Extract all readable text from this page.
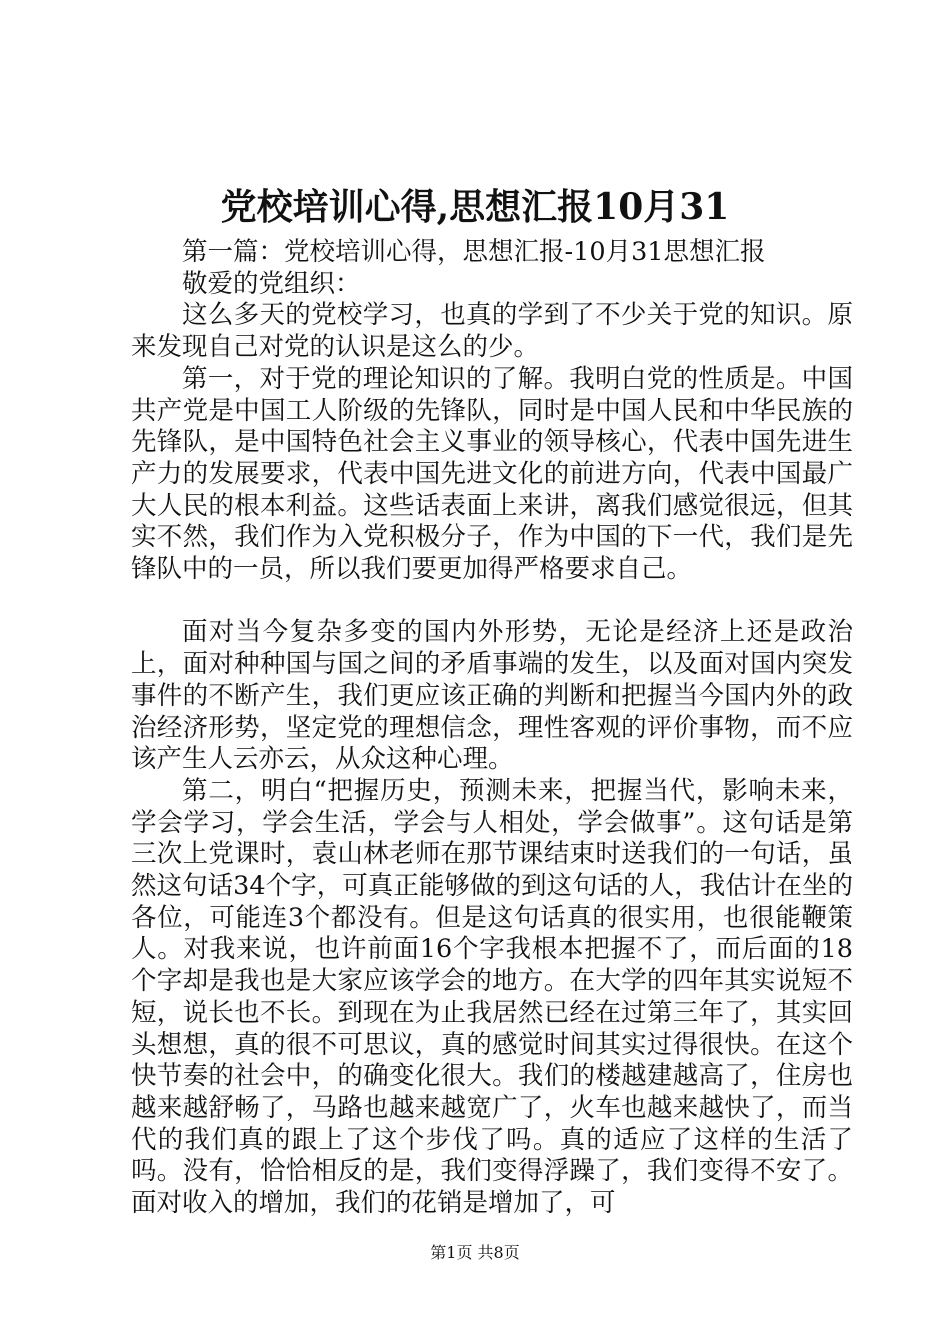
党校培训心得,思想汇报10月31

第一篇：党校培训心得，思想汇报-10月31思想汇报

敬爱的党组织：

这么多天的党校学习，也真的学到了不少关于党的知识。原来发现自己对党的认识是这么的少。

第一，对于党的理论知识的了解。我明白党的性质是。中国共产党是中国工人阶级的先锋队，同时是中国人民和中华民族的先锋队，是中国特色社会主义事业的领导核心，代表中国先进生产力的发展要求，代表中国先进文化的前进方向，代表中国最广大人民的根本利益。这些话表面上来讲，离我们感觉很远，但其实不然，我们作为入党积极分子，作为中国的下一代，我们是先锋队中的一员，所以我们要更加得严格要求自己。

面对当今复杂多变的国内外形势，无论是经济上还是政治上，面对种种国与国之间的矛盾事端的发生，以及面对国内突发事件的不断产生，我们更应该正确的判断和把握当今国内外的政治经济形势，坚定党的理想信念，理性客观的评价事物，而不应该产生人云亦云，从众这种心理。

第二，明白“把握历史，预测未来，把握当代，影响未来，学会学习，学会生活，学会与人相处，学会做事”。这句话是第三次上党课时，袁山林老师在那节课结束时送我们的一句话，虽然这句话34个字，可真正能够做的到这句话的人，我估计在坐的各位，可能连3个都没有。但是这句话真的很实用，也很能鞭策人。对我来说，也许前面16个字我根本把握不了，而后面的18个字却是我也是大家应该学会的地方。在大学的四年其实说短不短，说长也不长。到现在为止我居然已经在过第三年了，其实回头想想，真的很不可思议，真的感觉时间其实过得很快。在这个快节奏的社会中，的确变化很大。我们的楼越建越高了，住房也越来越舒畅了，马路也越来越宽广了，火车也越来越快了，而当代的我们真的跟上了这个步伐了吗。真的适应了这样的生活了吗。没有，恰恰相反的是，我们变得浮躁了，我们变得不安了。面对收入的增加，我们的花销是增加了，可

第1页 共8页
